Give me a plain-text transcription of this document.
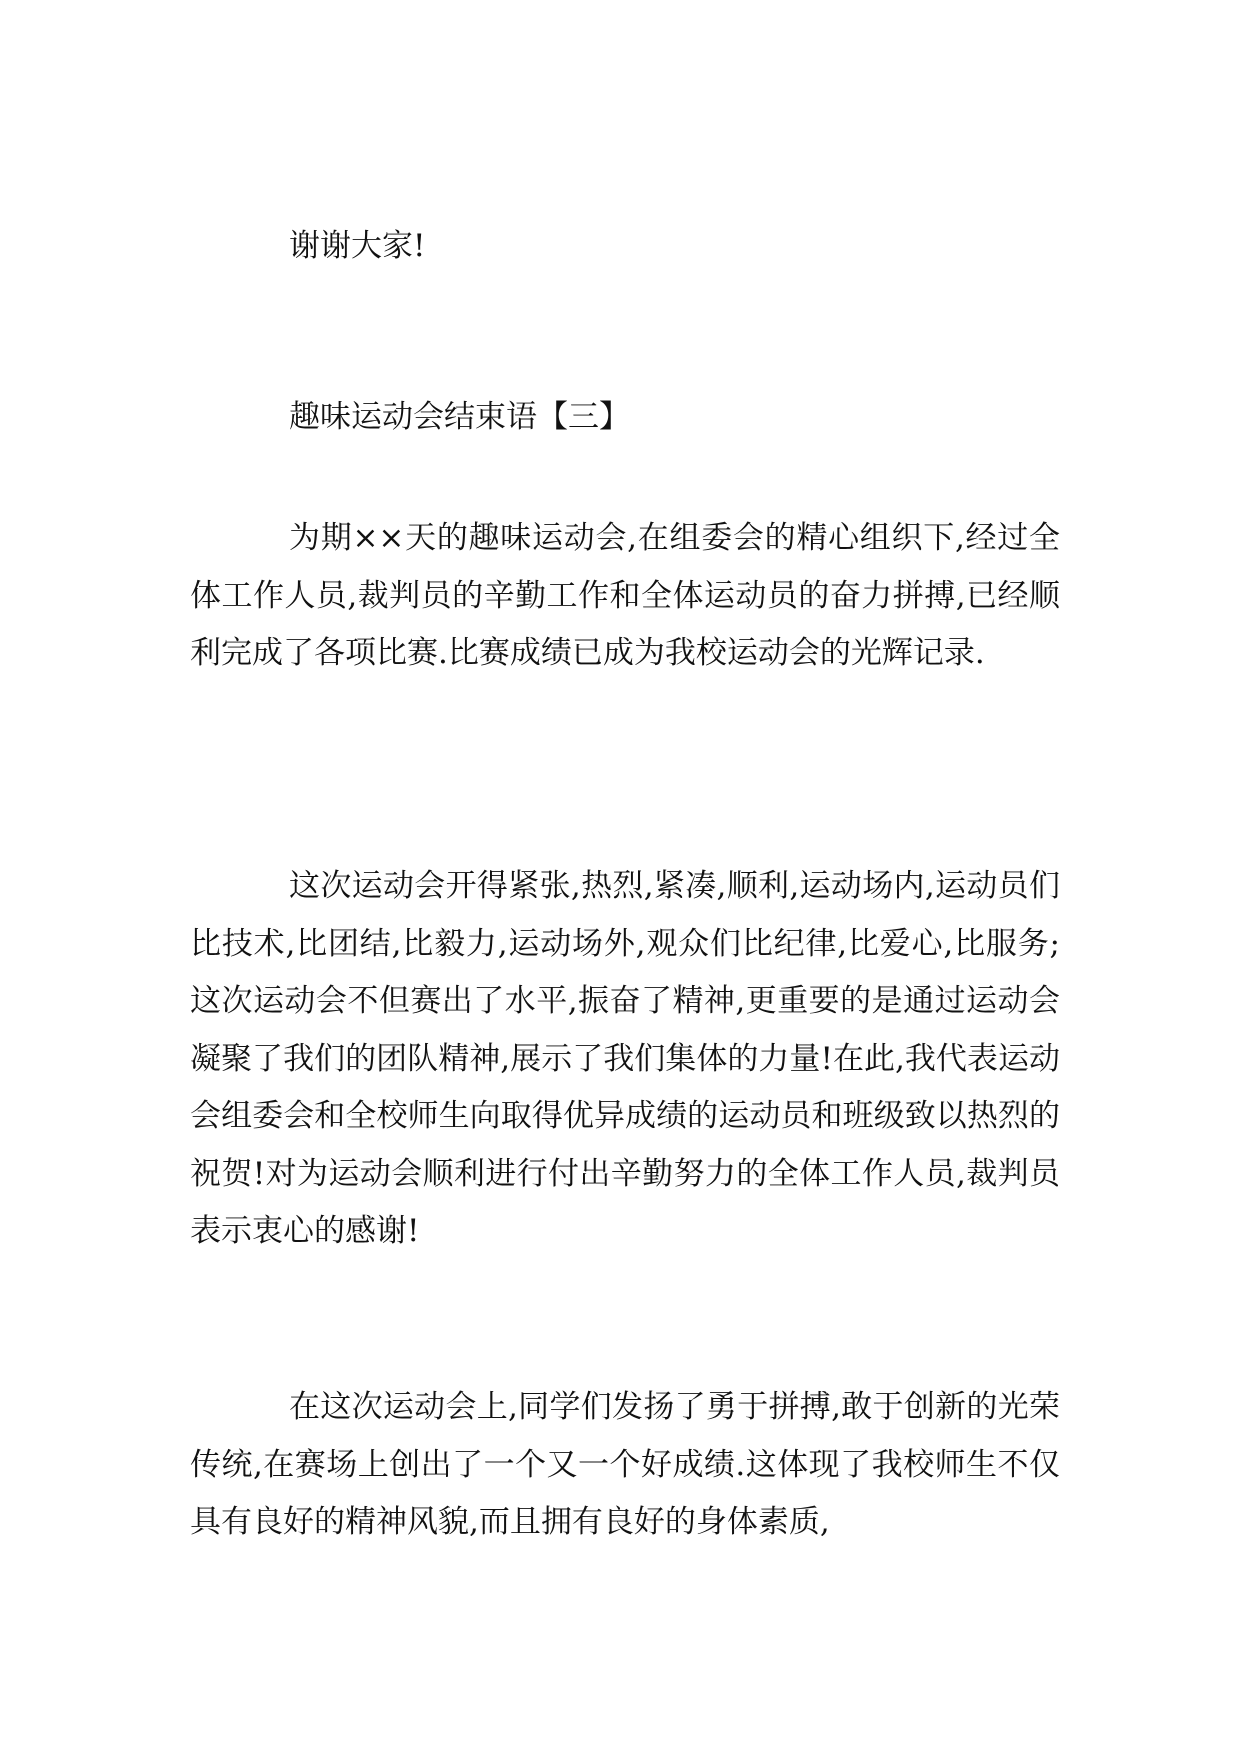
谢谢大家!
趣味运动会结束语【三】
为期××天的趣味运动会,在组委会的精心组织下,经过全体工作人员,裁判员的辛勤工作和全体运动员的奋力拼搏,已经顺利完成了各项比赛.比赛成绩已成为我校运动会的光辉记录.
这次运动会开得紧张,热烈,紧凑,顺利,运动场内,运动员们比技术,比团结,比毅力,运动场外,观众们比纪律,比爱心,比服务;这次运动会不但赛出了水平,振奋了精神,更重要的是通过运动会凝聚了我们的团队精神,展示了我们集体的力量!在此,我代表运动会组委会和全校师生向取得优异成绩的运动员和班级致以热烈的祝贺!对为运动会顺利进行付出辛勤努力的全体工作人员,裁判员表示衷心的感谢!
在这次运动会上,同学们发扬了勇于拼搏,敢于创新的光荣传统,在赛场上创出了一个又一个好成绩.这体现了我校师生不仅具有良好的精神风貌,而且拥有良好的身体素质,
